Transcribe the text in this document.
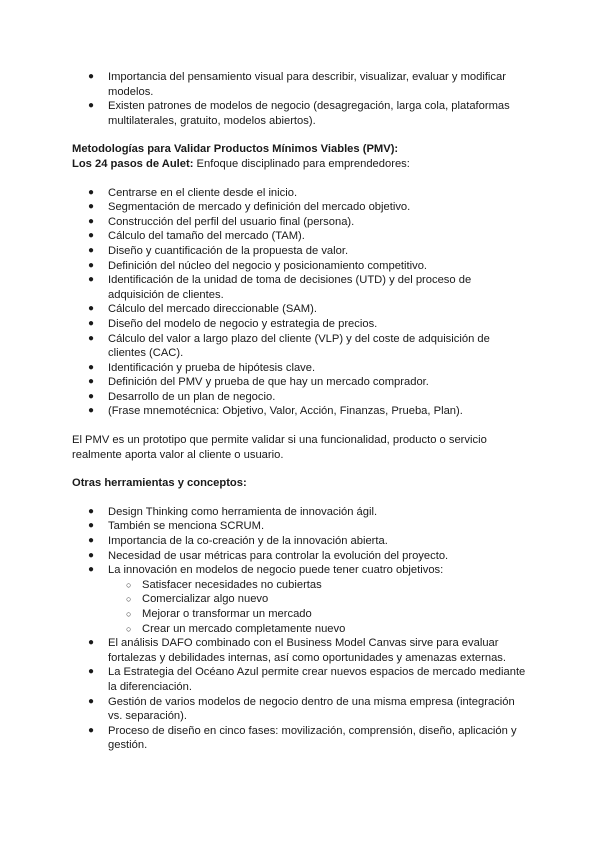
●	Importancia del pensamiento visual para describir, visualizar, evaluar y modificar modelos.
●	Existen patrones de modelos de negocio (desagregación, larga cola, plataformas multilaterales, gratuito, modelos abiertos).

Metodologías para Validar Productos Mínimos Viables (PMV):

Los 24 pasos de Aulet: Enfoque disciplinado para emprendedores:

●	Centrarse en el cliente desde el inicio.
●	Segmentación de mercado y definición del mercado objetivo.
●	Construcción del perfil del usuario final (persona).
●	Cálculo del tamaño del mercado (TAM).
●	Diseño y cuantificación de la propuesta de valor.
●	Definición del núcleo del negocio y posicionamiento competitivo.
●	Identificación de la unidad de toma de decisiones (UTD) y del proceso de adquisición de clientes.
●	Cálculo del mercado direccionable (SAM).
●	Diseño del modelo de negocio y estrategia de precios.
●	Cálculo del valor a largo plazo del cliente (VLP) y del coste de adquisición de clientes (CAC).
●	Identificación y prueba de hipótesis clave.
●	Definición del PMV y prueba de que hay un mercado comprador.
●	Desarrollo de un plan de negocio.
●	(Frase mnemotécnica: Objetivo, Valor, Acción, Finanzas, Prueba, Plan).

El PMV es un prototipo que permite validar si una funcionalidad, producto o servicio realmente aporta valor al cliente o usuario.

Otras herramientas y conceptos:

●	Design Thinking como herramienta de innovación ágil.
●	También se menciona SCRUM.
●	Importancia de la co-creación y de la innovación abierta.
●	Necesidad de usar métricas para controlar la evolución del proyecto.
●	La innovación en modelos de negocio puede tener cuatro objetivos:
○ Satisfacer necesidades no cubiertas
○ Comercializar algo nuevo
○ Mejorar o transformar un mercado
○ Crear un mercado completamente nuevo
●	El análisis DAFO combinado con el Business Model Canvas sirve para evaluar fortalezas y debilidades internas, así como oportunidades y amenazas externas.
●	La Estrategia del Océano Azul permite crear nuevos espacios de mercado mediante la diferenciación.
●	Gestión de varios modelos de negocio dentro de una misma empresa (integración vs. separación).
●	Proceso de diseño en cinco fases: movilización, comprensión, diseño, aplicación y gestión.
